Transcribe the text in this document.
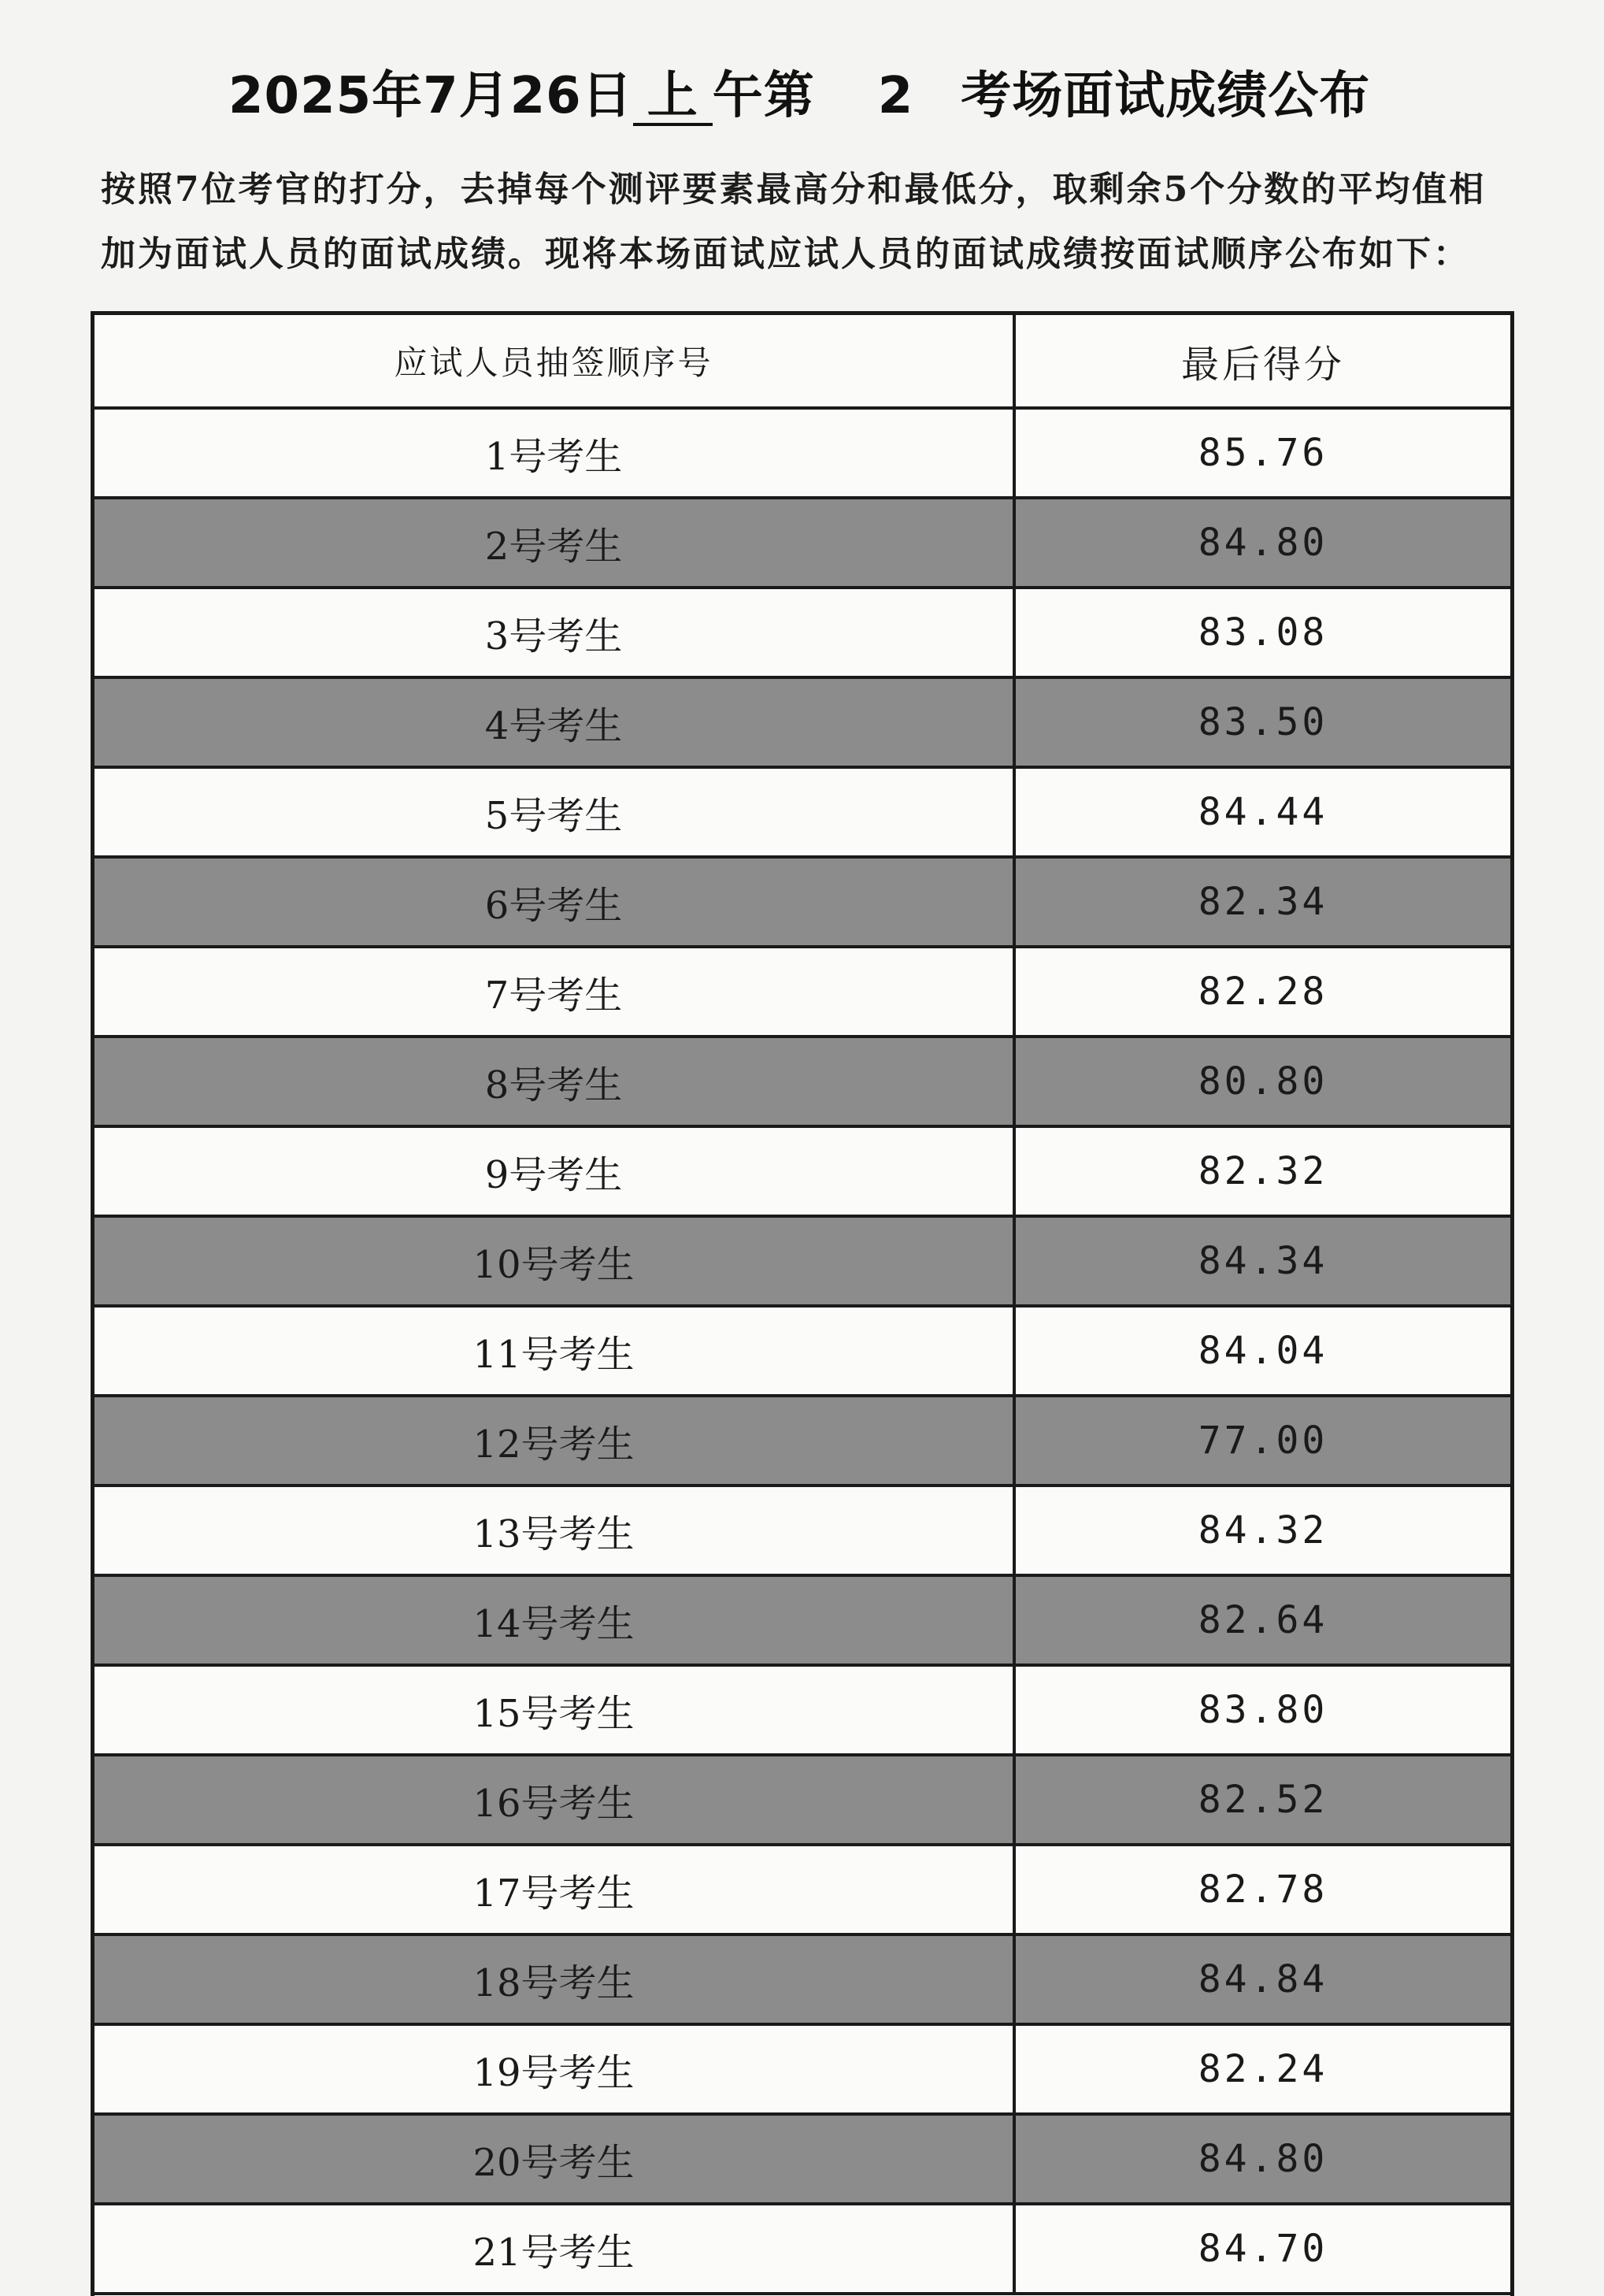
2025年7月26日 上 午第 2 考场面试成绩公布
按照7位考官的打分，去掉每个测评要素最高分和最低分，取剩余5个分数的平均值相加为面试人员的面试成绩。现将本场面试应试人员的面试成绩按面试顺序公布如下：
应试人员抽签顺序号	最后得分
1号考生	85.76
2号考生	84.80
3号考生	83.08
4号考生	83.50
5号考生	84.44
6号考生	82.34
7号考生	82.28
8号考生	80.80
9号考生	82.32
10号考生	84.34
11号考生	84.04
12号考生	77.00
13号考生	84.32
14号考生	82.64
15号考生	83.80
16号考生	82.52
17号考生	82.78
18号考生	84.84
19号考生	82.24
20号考生	84.80
21号考生	84.70
